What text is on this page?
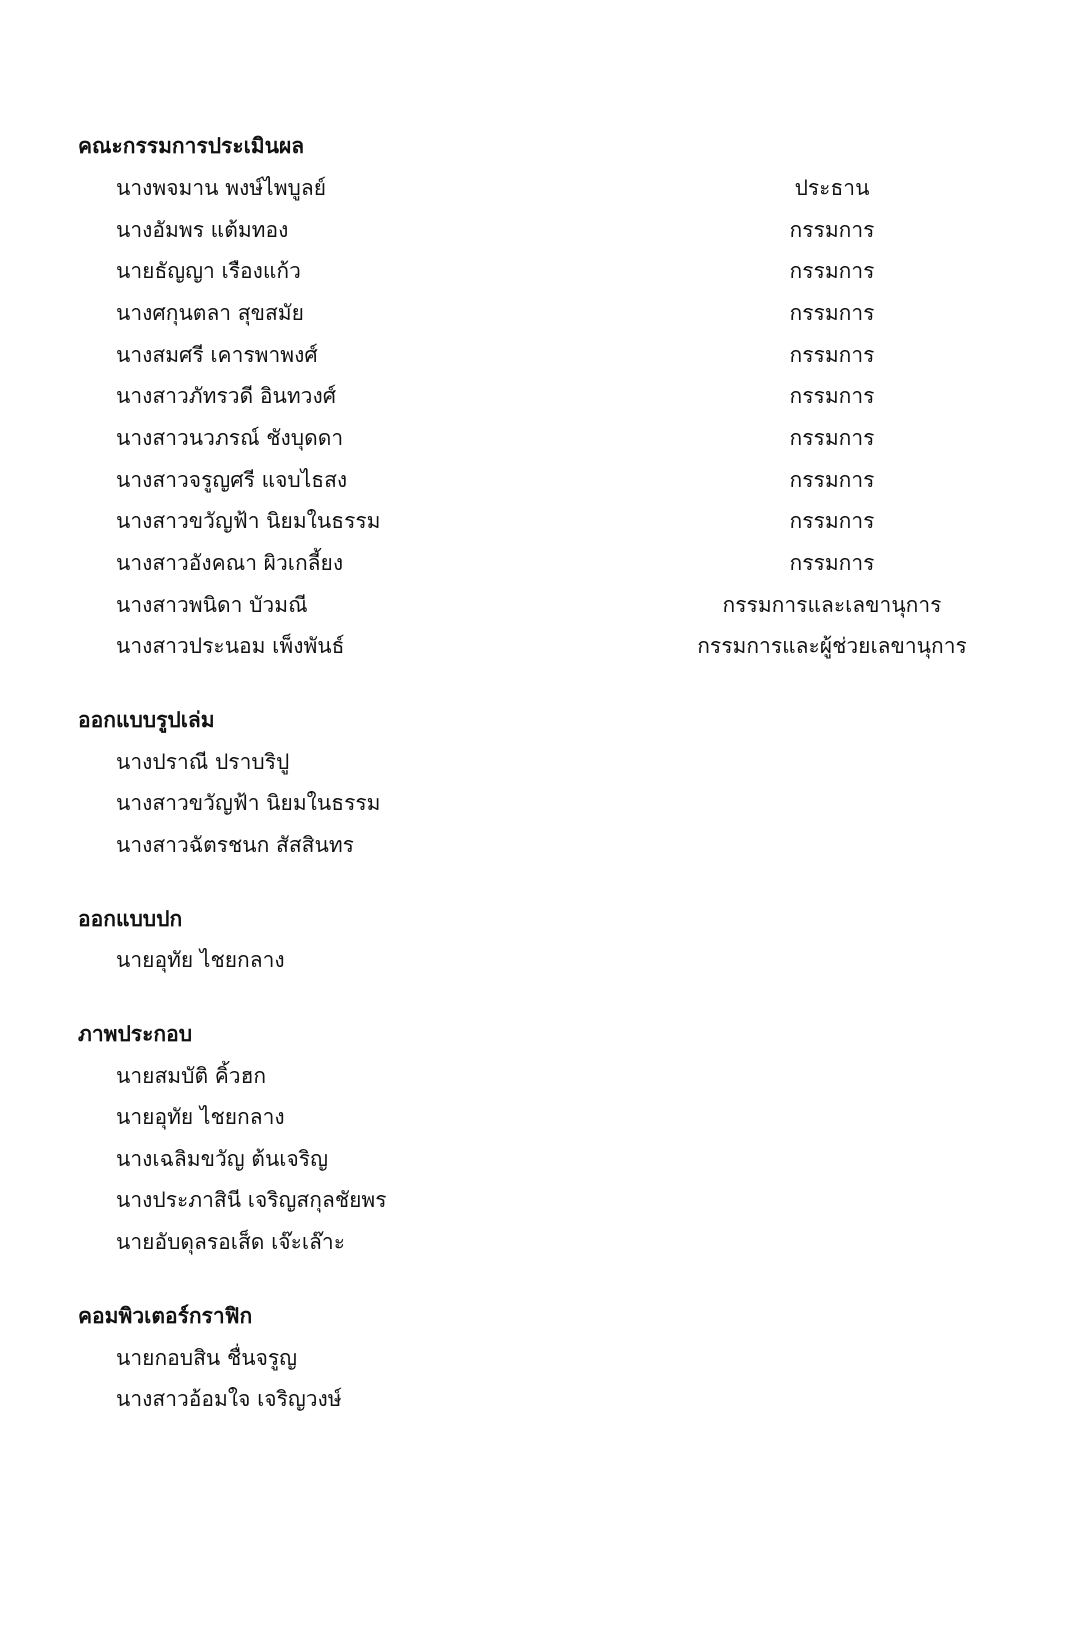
คณะกรรมการประเมินผล
นางพจมาน พงษ์ไพบูลย์	ประธาน
นางอัมพร แต้มทอง	กรรมการ
นายธัญญา เรืองแก้ว	กรรมการ
นางศกุนตลา สุขสมัย	กรรมการ
นางสมศรี เคารพาพงศ์	กรรมการ
นางสาวภัทรวดี อินทวงศ์	กรรมการ
นางสาวนวภรณ์ ชังบุดดา	กรรมการ
นางสาวจรูญศรี แจบไธสง	กรรมการ
นางสาวขวัญฟ้า นิยมในธรรม	กรรมการ
นางสาวอังคณา ผิวเกลี้ยง	กรรมการ
นางสาวพนิดา บัวมณี	กรรมการและเลขานุการ
นางสาวประนอม เพ็งพันธ์	กรรมการและผู้ช่วยเลขานุการ
ออกแบบรูปเล่ม
นางปราณี ปราบริปู
นางสาวขวัญฟ้า นิยมในธรรม
นางสาวฉัตรชนก สัสสินทร
ออกแบบปก
นายอุทัย ไชยกลาง
ภาพประกอบ
นายสมบัติ คิ้วฮก
นายอุทัย ไชยกลาง
นางเฉลิมขวัญ ต้นเจริญ
นางประภาสินี เจริญสกุลชัยพร
นายอับดุลรอเส็ด เจ๊ะเล๊าะ
คอมพิวเตอร์กราฟิก
นายกอบสิน ชื่นจรูญ
นางสาวอ้อมใจ เจริญวงษ์
